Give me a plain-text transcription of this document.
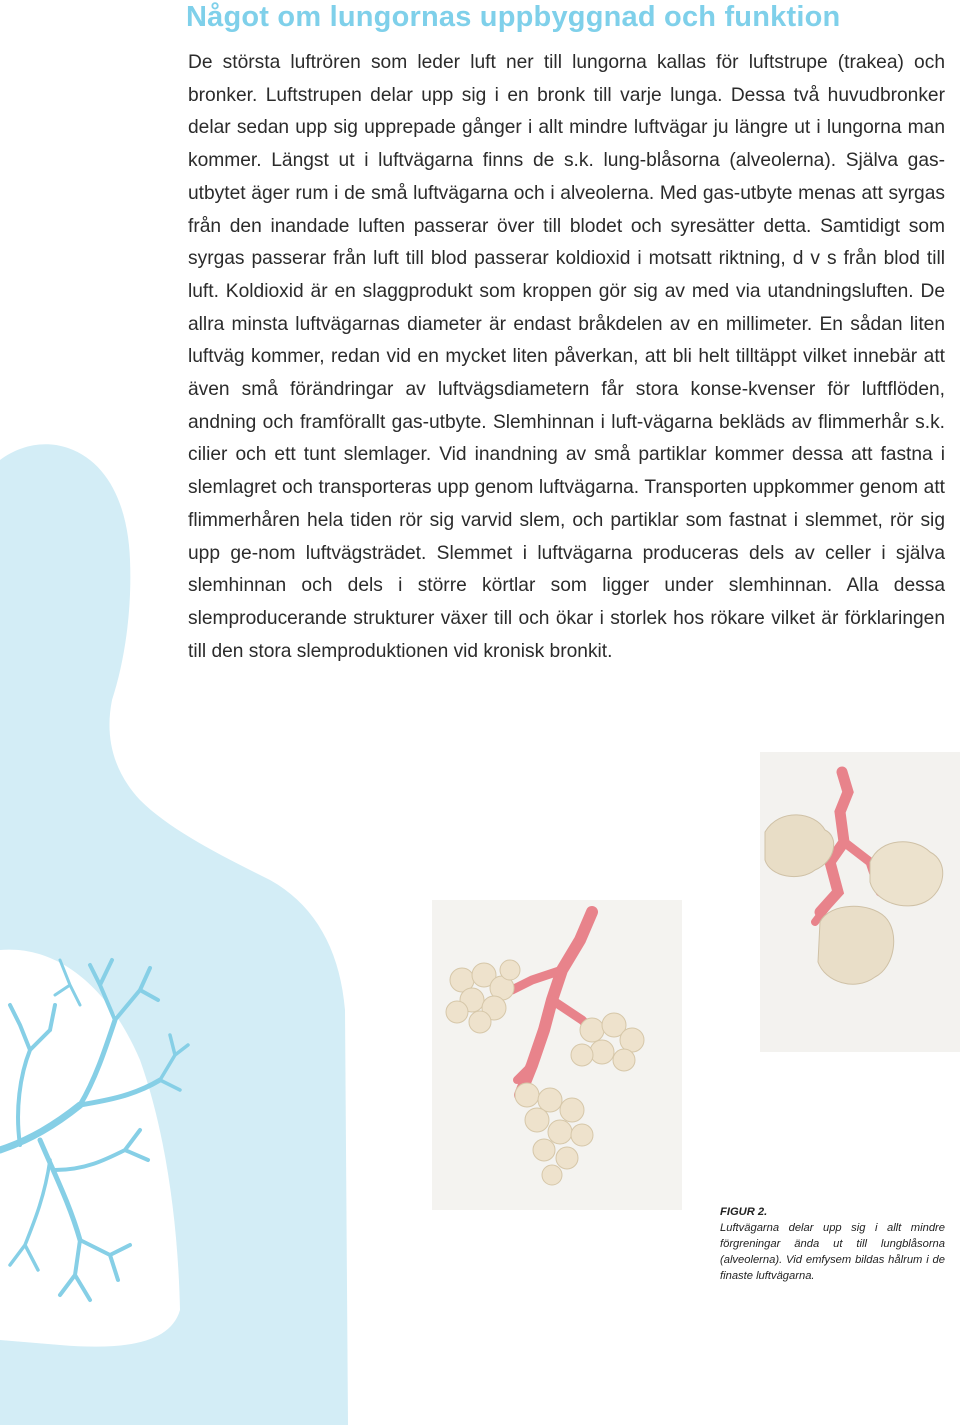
Något om lungornas uppbyggnad och funktion

De största luftrören som leder luft ner till lungorna kallas för luftstrupe (trakea) och bronker. Luftstrupen delar upp sig i en bronk till varje lunga. Dessa två huvudbronker delar sedan upp sig upprepade gånger i allt mindre luftvägar ju längre ut i lungorna man kommer. Längst ut i luftvägarna finns de s.k. lung-blåsorna (alveolerna). Själva gas-utbytet äger rum i de små luftvägarna och i alveolerna. Med gas-utbyte menas att syrgas från den inandade luften passerar över till blodet och syresätter detta. Samtidigt som syrgas passerar från luft till blod passerar koldioxid i motsatt riktning, d v s från blod till luft. Koldioxid är en slaggprodukt som kroppen gör sig av med via utandningsluften. De allra minsta luftvägarnas diameter är endast bråkdelen av en millimeter. En sådan liten luftväg kommer, redan vid en mycket liten påverkan, att bli helt tilltäppt vilket innebär att även små förändringar av luftvägsdiametern får stora konse-kvenser för luftflöden, andning och framförallt gas-utbyte. Slemhinnan i luft-vägarna bekläds av flimmerhår s.k. cilier och ett tunt slemlager. Vid inandning av små partiklar kommer dessa att fastna i slemlagret och transporteras upp genom luftvägarna. Transporten uppkommer genom att flimmerhåren hela tiden rör sig varvid slem, och partiklar som fastnat i slemmet, rör sig upp ge-nom luftvägsträdet. Slemmet i luftvägarna produceras dels av celler i själva slemhinnan och dels i större körtlar som ligger under slemhinnan. Alla dessa slemproducerande strukturer växer till och ökar i storlek hos rökare vilket är förklaringen till den stora slemproduktionen vid kronisk bronkit.

FIGUR 2.

Luftvägarna delar upp sig i allt mindre förgreningar ända ut till lungblåsorna (alveolerna). Vid emfysem bildas hålrum i de finaste luftvägarna.
